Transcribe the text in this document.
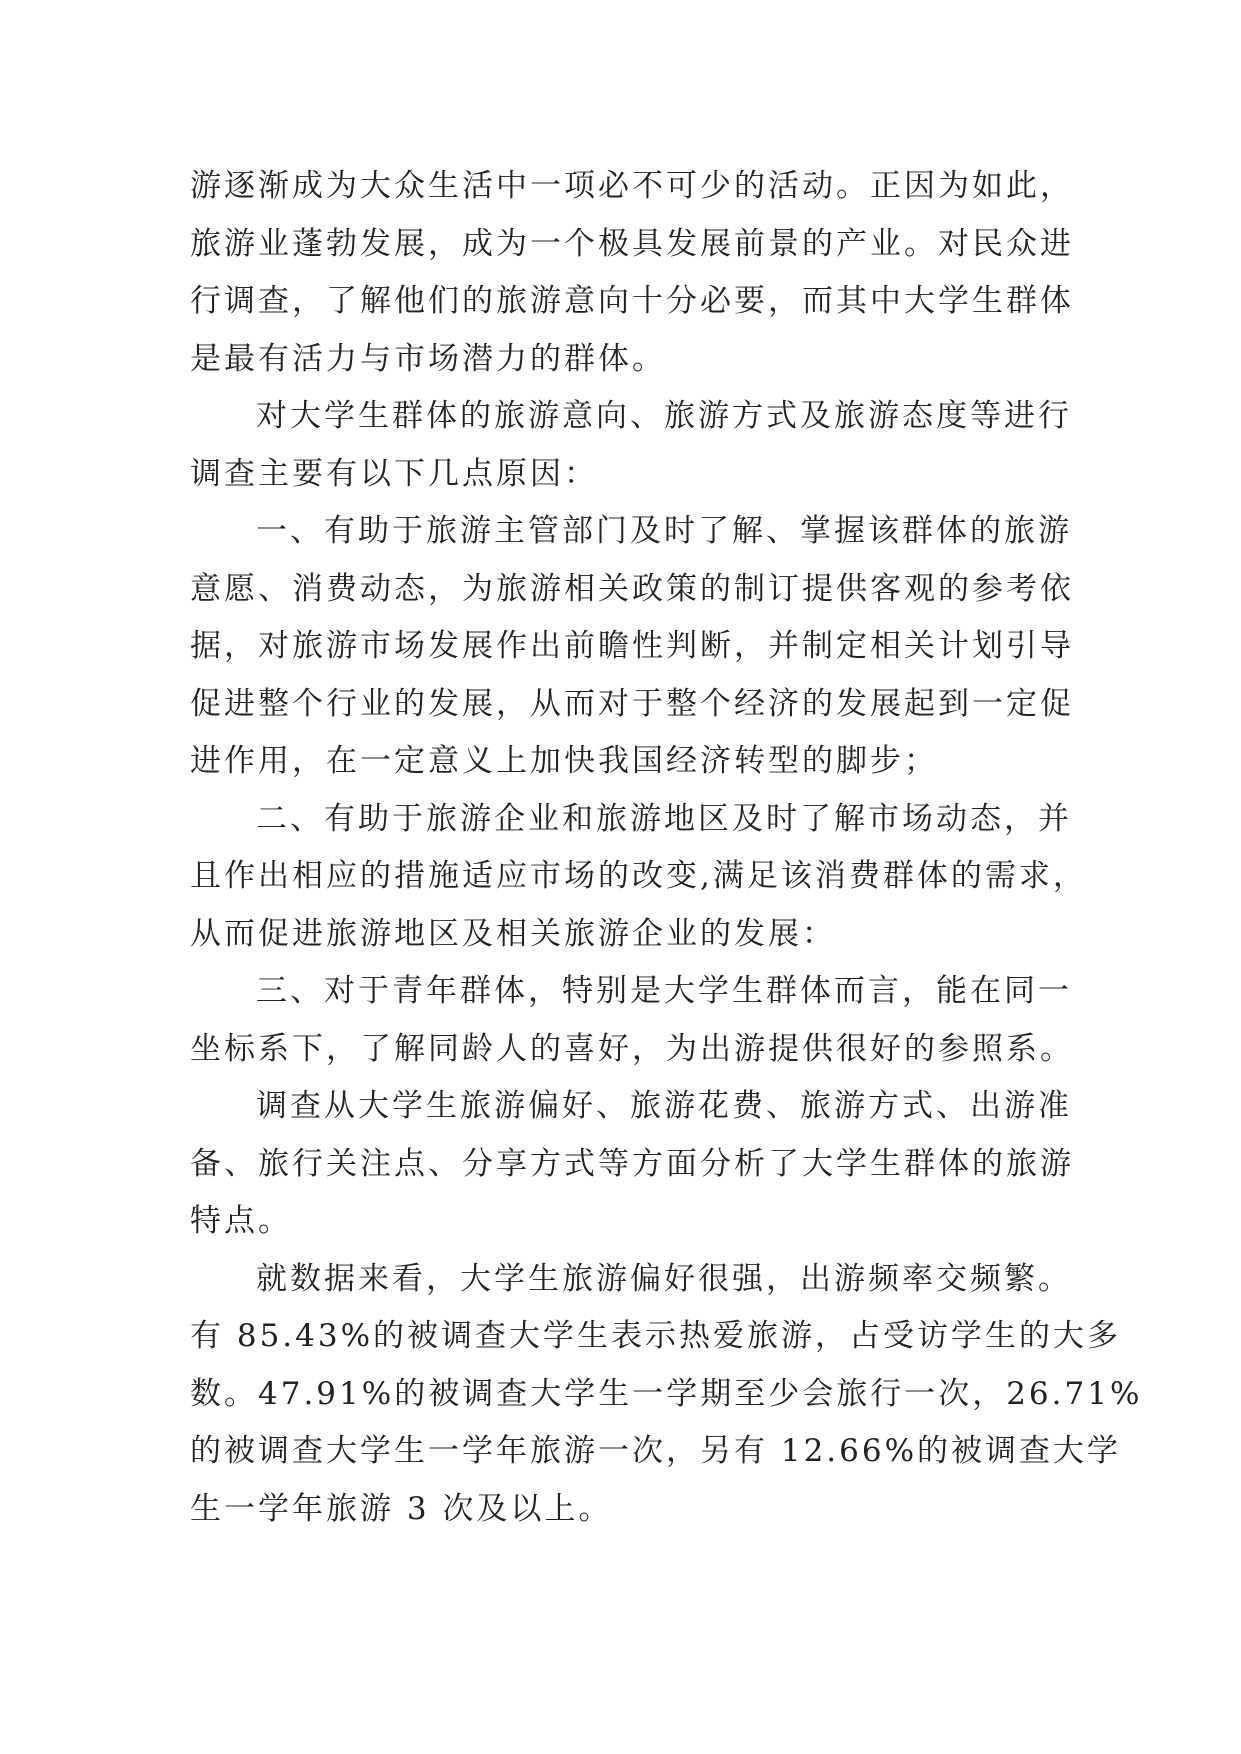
游逐渐成为大众生活中一项必不可少的活动。正因为如此，
旅游业蓬勃发展，成为一个极具发展前景的产业。对民众进
行调查，了解他们的旅游意向十分必要，而其中大学生群体
是最有活力与市场潜力的群体。
对大学生群体的旅游意向、旅游方式及旅游态度等进行
调查主要有以下几点原因：
一、有助于旅游主管部门及时了解、掌握该群体的旅游
意愿、消费动态，为旅游相关政策的制订提供客观的参考依
据，对旅游市场发展作出前瞻性判断，并制定相关计划引导
促进整个行业的发展，从而对于整个经济的发展起到一定促
进作用，在一定意义上加快我国经济转型的脚步；
二、有助于旅游企业和旅游地区及时了解市场动态，并
且作出相应的措施适应市场的改变,满足该消费群体的需求，
从而促进旅游地区及相关旅游企业的发展：
三、对于青年群体，特别是大学生群体而言，能在同一
坐标系下，了解同龄人的喜好，为出游提供很好的参照系。
调查从大学生旅游偏好、旅游花费、旅游方式、出游准
备、旅行关注点、分享方式等方面分析了大学生群体的旅游
特点。
就数据来看，大学生旅游偏好很强，出游频率交频繁。
有 85.43%的被调查大学生表示热爱旅游，占受访学生的大多
数。47.91%的被调查大学生一学期至少会旅行一次，26.71%
的被调查大学生一学年旅游一次，另有 12.66%的被调查大学
生一学年旅游 3 次及以上。
